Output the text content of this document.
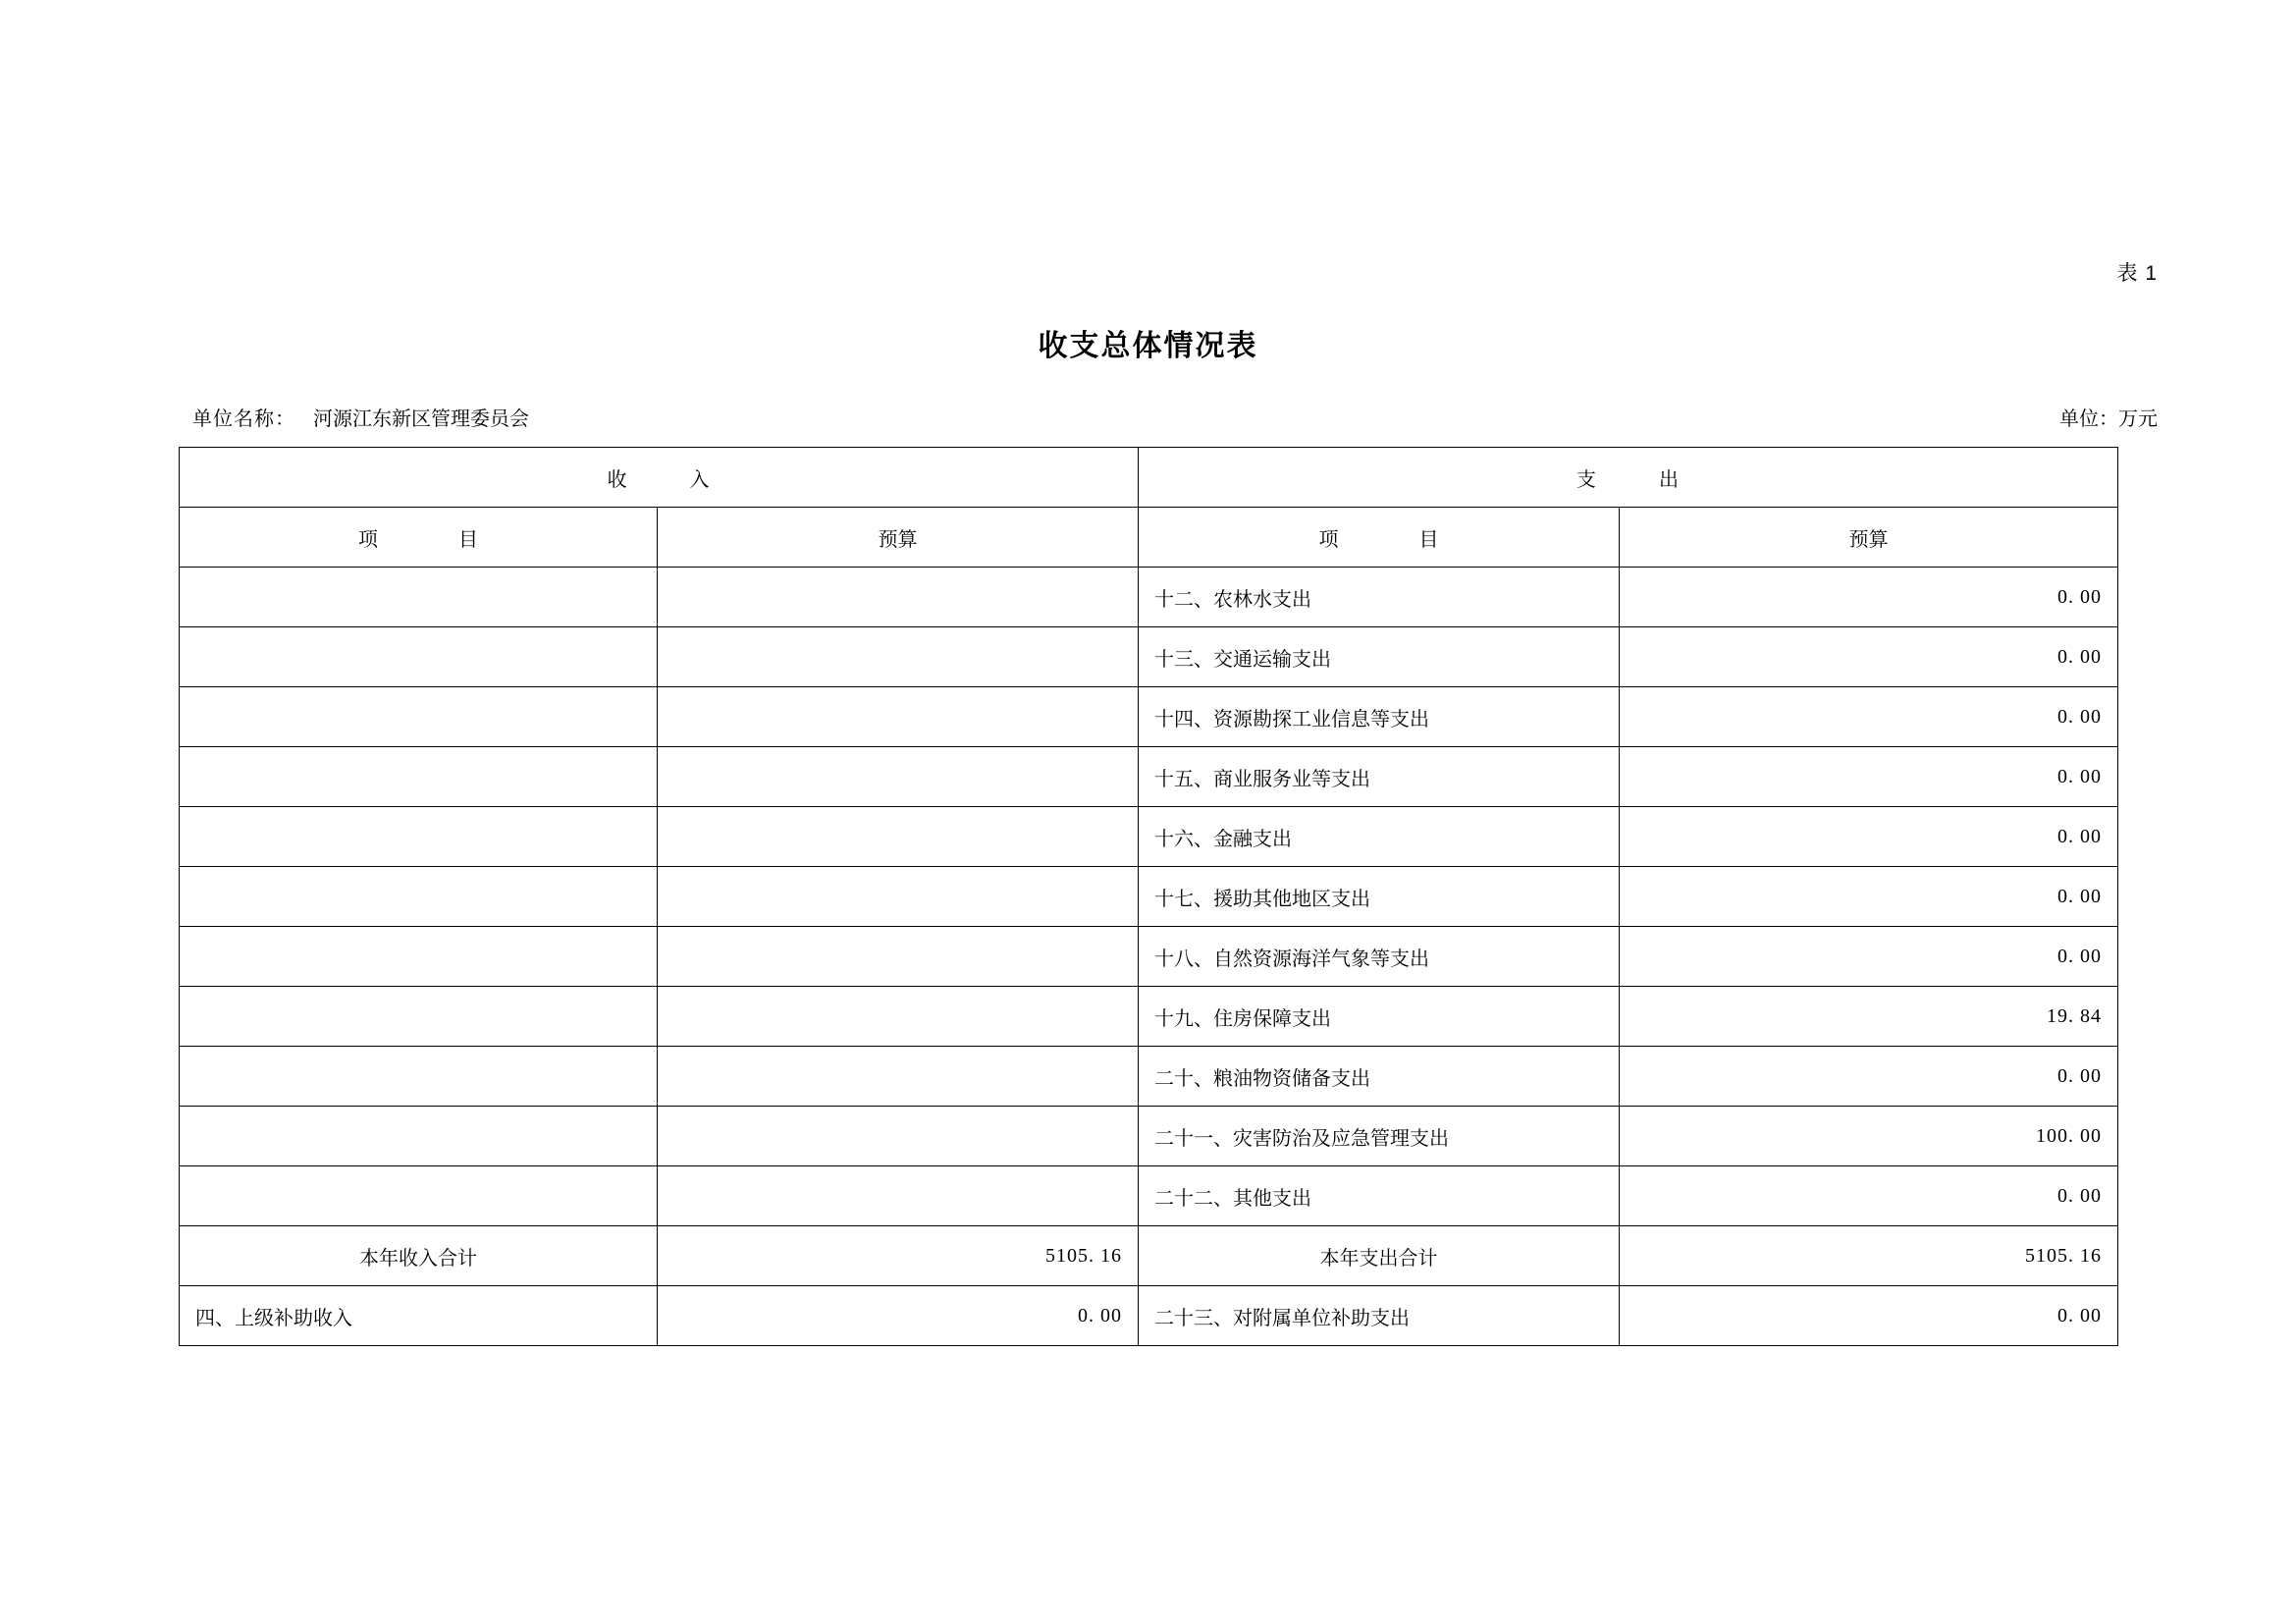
表 1
收支总体情况表
单位名称： 河源江东新区管理委员会	单位：万元
收　　　入		支　　　出	
项　　目	预算	项　　目	预算
		十二、农林水支出	0. 00
		十三、交通运输支出	0. 00
		十四、资源勘探工业信息等支出	0. 00
		十五、商业服务业等支出	0. 00
		十六、金融支出	0. 00
		十七、援助其他地区支出	0. 00
		十八、自然资源海洋气象等支出	0. 00
		十九、住房保障支出	19. 84
		二十、粮油物资储备支出	0. 00
		二十一、灾害防治及应急管理支出	100. 00
		二十二、其他支出	0. 00
本年收入合计	5105. 16	本年支出合计	5105. 16
四、上级补助收入	0. 00	二十三、对附属单位补助支出	0. 00
